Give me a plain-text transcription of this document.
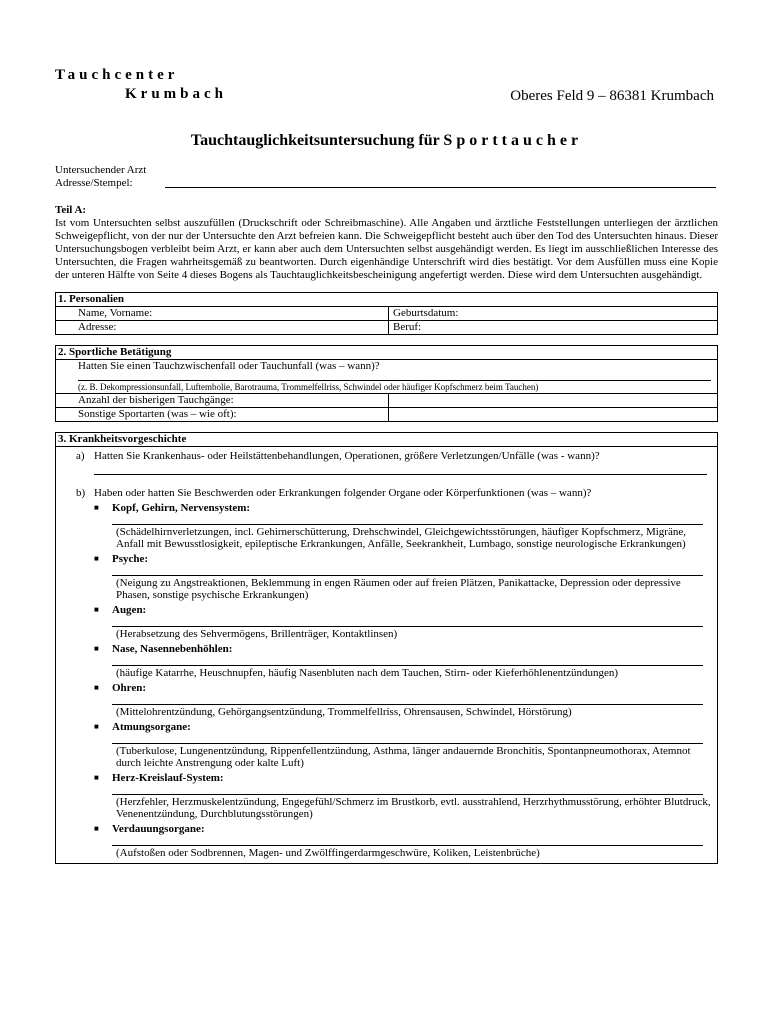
Tauchcenter
Krumbach	Oberes Feld 9 – 86381 Krumbach
Tauchtauglichkeitsuntersuchung für Sporttaucher
Untersuchender Arzt
Adresse/Stempel:
Teil A:
Ist vom Untersuchten selbst auszufüllen (Druckschrift oder Schreibmaschine). Alle Angaben und ärztliche Feststellungen unterliegen der ärztlichen Schweigepflicht, von der nur der Untersuchte den Arzt befreien kann. Die Schweigepflicht besteht auch über den Tod des Untersuchten hinaus. Dieser Untersuchungsbogen verbleibt beim Arzt, er kann aber auch dem Untersuchten selbst ausgehändigt werden. Es liegt im ausschließlichen Interesse des Untersuchten, die Fragen wahrheitsgemäß zu beantworten. Durch eigenhändige Unterschrift wird dies bestätigt. Vor dem Ausfüllen muss eine Kopie der unteren Hälfte von Seite 4 dieses Bogens als Tauchtauglichkeitsbescheinigung angefertigt werden. Diese wird dem Untersuchten ausgehändigt.
1. Personalien
Name, Vorname:	Geburtsdatum:
Adresse:	Beruf:
2. Sportliche Betätigung
Hatten Sie einen Tauchzwischenfall oder Tauchunfall (was – wann)?
(z. B. Dekompressionsunfall, Luftembolie, Barotrauma, Trommelfellriss, Schwindel oder häufiger Kopfschmerz beim Tauchen)
Anzahl der bisherigen Tauchgänge:
Sonstige Sportarten (was – wie oft):
3. Krankheitsvorgeschichte
a) Hatten Sie Krankenhaus- oder Heilstättenbehandlungen, Operationen, größere Verletzungen/Unfälle (was - wann)?
b) Haben oder hatten Sie Beschwerden oder Erkrankungen folgender Organe oder Körperfunktionen (was – wann)?
■	Kopf, Gehirn, Nervensystem:
(Schädelhirnverletzungen, incl. Gehirnerschütterung, Drehschwindel, Gleichgewichtsstörungen, häufiger Kopfschmerz, Migräne, Anfall mit Bewusstlosigkeit, epileptische Erkrankungen, Anfälle, Seekrankheit, Lumbago, sonstige neurologische Erkrankungen)
■	Psyche:
(Neigung zu Angstreaktionen, Beklemmung in engen Räumen oder auf freien Plätzen, Panikattacke, Depression oder depressive Phasen, sonstige psychische Erkrankungen)
■	Augen:
(Herabsetzung des Sehvermögens, Brillenträger, Kontaktlinsen)
■	Nase, Nasennebenhöhlen:
(häufige Katarrhe, Heuschnupfen, häufig Nasenbluten nach dem Tauchen, Stirn- oder Kieferhöhlenentzündungen)
■	Ohren:
(Mittelohrentzündung, Gehörgangsentzündung, Trommelfellriss, Ohrensausen, Schwindel, Hörstörung)
■	Atmungsorgane:
(Tuberkulose, Lungenentzündung, Rippenfellentzündung, Asthma, länger andauernde Bronchitis, Spontanpneumothorax, Atemnot durch leichte Anstrengung oder kalte Luft)
■	Herz-Kreislauf-System:
(Herzfehler, Herzmuskelentzündung, Engegefühl/Schmerz im Brustkorb, evtl. ausstrahlend, Herzrhythmusstörung, erhöhter Blutdruck, Venenentzündung, Durchblutungsstörungen)
■	Verdauungsorgane:
(Aufstoßen oder Sodbrennen, Magen- und Zwölffingerdarmgeschwüre, Koliken, Leistenbrüche)
